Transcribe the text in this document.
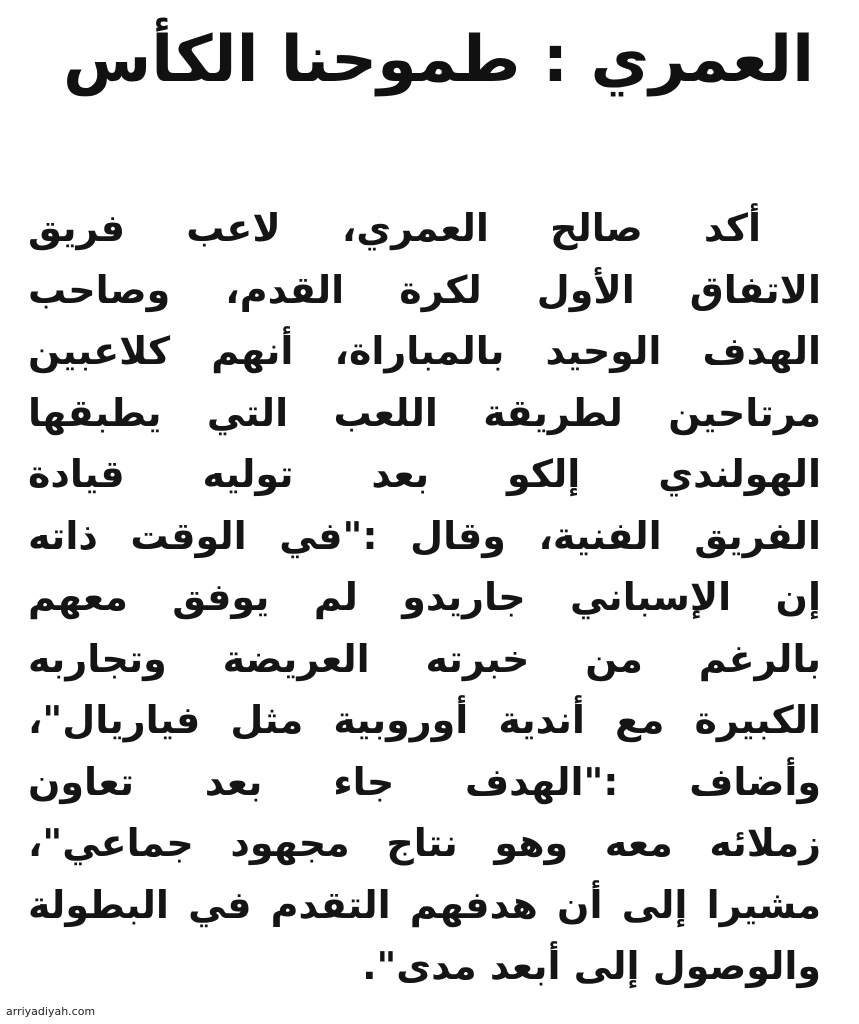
العمري : طموحنا الكأس
أكد صالح العمري، لاعب فريق
الاتفاق الأول لكرة القدم، وصاحب
الهدف الوحيد بالمباراة، أنهم كلاعبين
مرتاحين لطريقة اللعب التي يطبقها
الهولندي إلكو بعد توليه قيادة
الفريق الفنية، وقال :"في الوقت ذاته
إن الإسباني جاريدو لم يوفق معهم
بالرغم من خبرته العريضة وتجاربه
الكبيرة مع أندية أوروبية مثل فياريال"،
وأضاف :"الهدف جاء بعد تعاون
زملائه معه وهو نتاج مجهود جماعي"،
مشيرا إلى أن هدفهم التقدم في البطولة
والوصول إلى أبعد مدى".
arriyadiyah.com
